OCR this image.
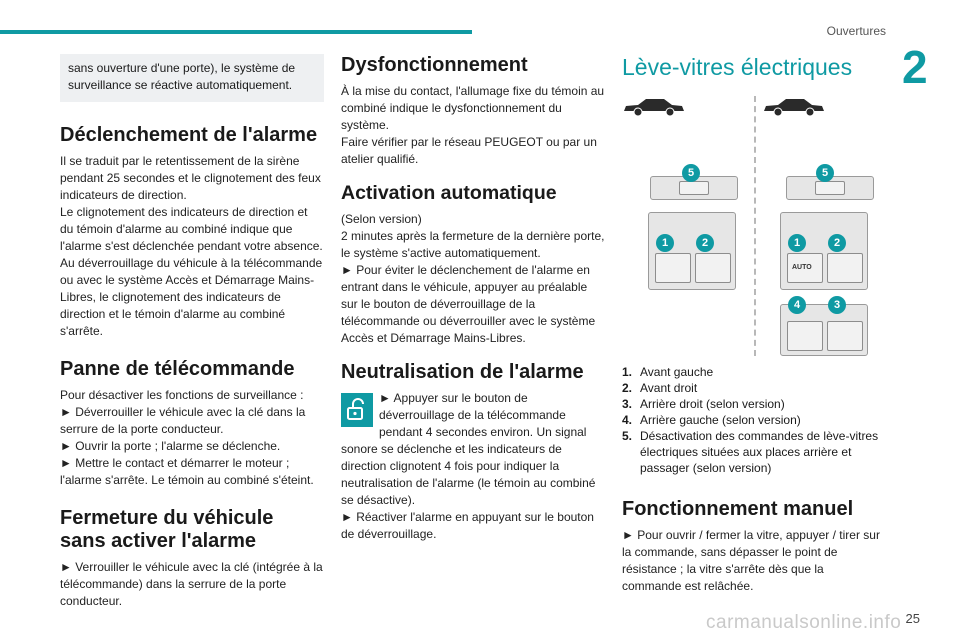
Ouvertures
2
sans ouverture d'une porte), le système de surveillance se réactive automatiquement.
Déclenchement de l'alarme
Il se traduit par le retentissement de la sirène pendant 25 secondes et le clignotement des feux indicateurs de direction.
Le clignotement des indicateurs de direction et du témoin d'alarme au combiné indique que l'alarme s'est déclenchée pendant votre absence. Au déverrouillage du véhicule à la télécommande ou avec le système Accès et Démarrage Mains-Libres, le clignotement des indicateurs de direction et le témoin d'alarme au combiné s'arrête.
Panne de télécommande
Pour désactiver les fonctions de surveillance :
► Déverrouiller le véhicule avec la clé dans la serrure de la porte conducteur.
► Ouvrir la porte ; l'alarme se déclenche.
► Mettre le contact et démarrer le moteur ; l'alarme s'arrête. Le témoin au combiné s'éteint.
Fermeture du véhicule sans activer l'alarme
► Verrouiller le véhicule avec la clé (intégrée à la télécommande) dans la serrure de la porte conducteur.
Dysfonctionnement
À la mise du contact, l'allumage fixe du témoin au combiné indique le dysfonctionnement du système.
Faire vérifier par le réseau PEUGEOT ou par un atelier qualifié.
Activation automatique
(Selon version)
2 minutes après la fermeture de la dernière porte, le système s'active automatiquement.
► Pour éviter le déclenchement de l'alarme en entrant dans le véhicule, appuyer au préalable sur le bouton de déverrouillage de la télécommande ou déverrouiller avec le système Accès et Démarrage Mains-Libres.
Neutralisation de l'alarme
► Appuyer sur le bouton de déverrouillage de la télécommande pendant 4 secondes environ. Un signal sonore se déclenche et les indicateurs de direction clignotent 4 fois pour indiquer la neutralisation de l'alarme (le témoin au combiné se désactive).
► Réactiver l'alarme en appuyant sur le bouton de déverrouillage.
Lève-vitres électriques
5
1	2
5
AUTO
1	2
4	3
1. Avant gauche
2. Avant droit
3. Arrière droit (selon version)
4. Arrière gauche (selon version)
5. Désactivation des commandes de lève-vitres électriques situées aux places arrière et passager (selon version)
Fonctionnement manuel
► Pour ouvrir / fermer la vitre, appuyer / tirer sur la commande, sans dépasser le point de résistance ; la vitre s'arrête dès que la commande est relâchée.
carmanualsonline.info 25
